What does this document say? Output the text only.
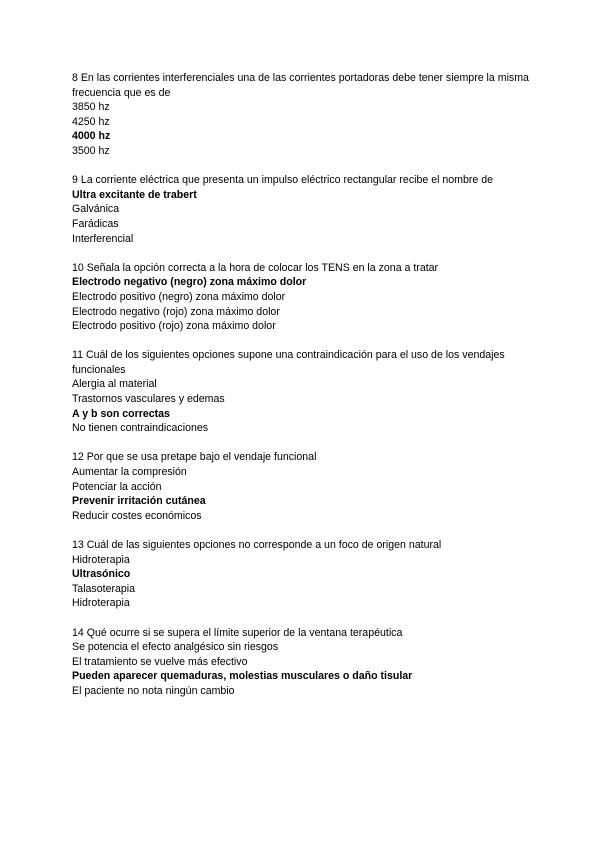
8 En las corrientes interferenciales una de las corrientes portadoras debe tener siempre la misma frecuencia que es de
3850 hz
4250 hz
4000 hz
3500 hz
9 La corriente eléctrica que presenta un impulso eléctrico rectangular recibe el nombre de
Ultra excitante de trabert
Galvánica
Farádicas
Interferencial
10 Señala la opción correcta a la hora de colocar los TENS en la zona a tratar
Electrodo negativo (negro) zona máximo dolor
Electrodo positivo (negro) zona máximo dolor
Electrodo negativo (rojo) zona máximo dolor
Electrodo positivo (rojo) zona máximo dolor
11 Cuál de los siguientes opciones supone una contraindicación para el uso de los vendajes funcionales
Alergia al material
Trastornos vasculares y edemas
A y b son correctas
No tienen contraindicaciones
12 Por que se usa pretape bajo el vendaje funcional
Aumentar la compresión
Potenciar la acción
Prevenir irritación cutánea
Reducir costes económicos
13 Cuál de las siguientes opciones no corresponde a un foco de origen natural
Hidroterapia
Ultrasónico
Talasoterapia
Hidroterapia
14 Qué ocurre si se supera el límite superior de la ventana terapéutica
Se potencia el efecto analgésico sin riesgos
El tratamiento se vuelve más efectivo
Pueden aparecer quemaduras, molestias musculares o daño tisular
El paciente no nota ningún cambio
